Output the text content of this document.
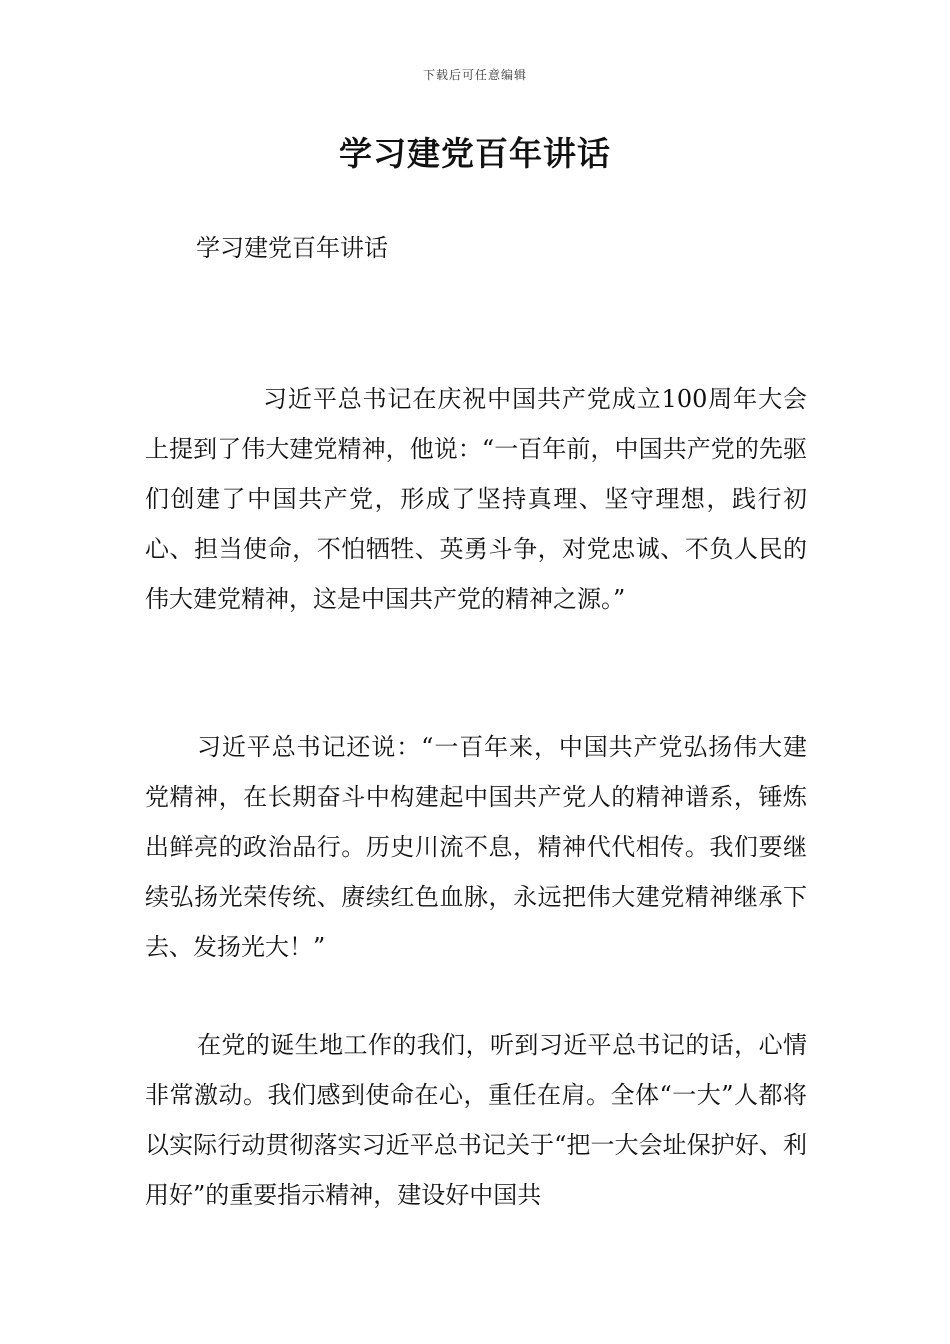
下载后可任意编辑
学习建党百年讲话

学习建党百年讲话

习近平总书记在庆祝中国共产党成立100周年大会上提到了伟大建党精神，他说：“一百年前，中国共产党的先驱们创建了中国共产党，形成了坚持真理、坚守理想，践行初心、担当使命，不怕牺牲、英勇斗争，对党忠诚、不负人民的伟大建党精神，这是中国共产党的精神之源。”

习近平总书记还说：“一百年来，中国共产党弘扬伟大建党精神，在长期奋斗中构建起中国共产党人的精神谱系，锤炼出鲜亮的政治品行。历史川流不息，精神代代相传。我们要继续弘扬光荣传统、赓续红色血脉，永远把伟大建党精神继承下去、发扬光大！”

在党的诞生地工作的我们，听到习近平总书记的话，心情非常激动。我们感到使命在心，重任在肩。全体“一大”人都将以实际行动贯彻落实习近平总书记关于“把一大会址保护好、利用好”的重要指示精神，建设好中国共
